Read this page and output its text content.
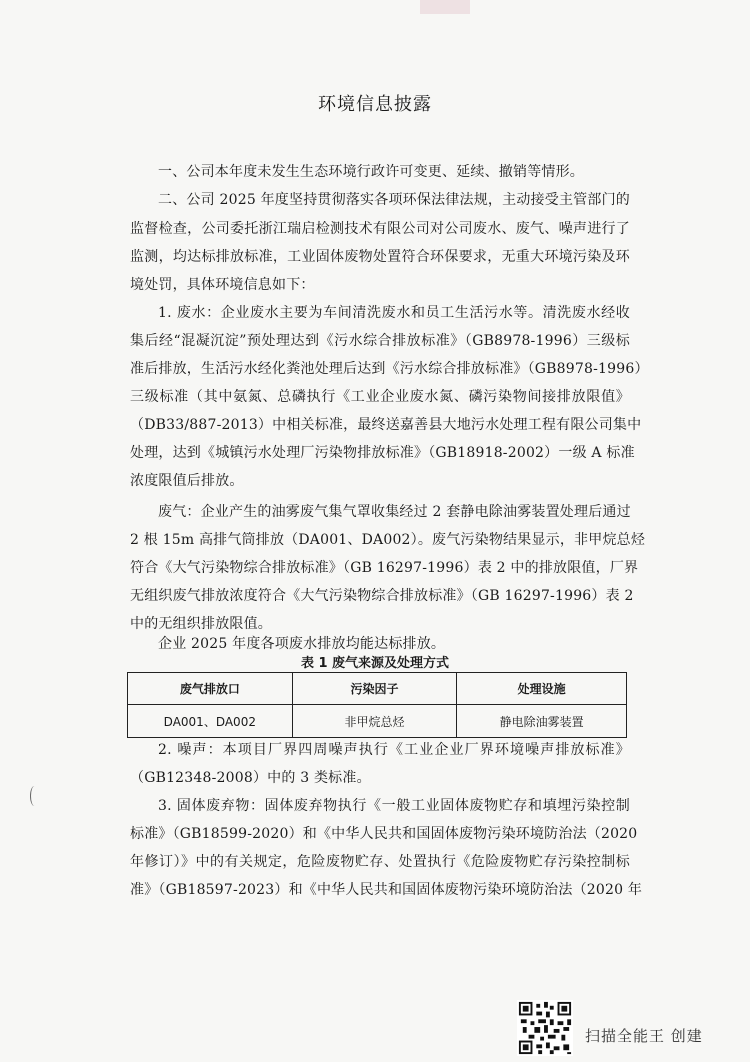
环境信息披露
一、公司本年度未发生生态环境行政许可变更、延续、撤销等情形。
二、公司 2025 年度坚持贯彻落实各项环保法律法规，主动接受主管部门的
监督检查，公司委托浙江瑞启检测技术有限公司对公司废水、废气、噪声进行了
监测，均达标排放标准，工业固体废物处置符合环保要求，无重大环境污染及环
境处罚，具体环境信息如下：
1. 废水：企业废水主要为车间清洗废水和员工生活污水等。清洗废水经收
集后经“混凝沉淀”预处理达到《污水综合排放标准》（GB8978-1996）三级标
准后排放，生活污水经化粪池处理后达到《污水综合排放标准》（GB8978-1996）
三级标准（其中氨氮、总磷执行《工业企业废水氮、磷污染物间接排放限值》
（DB33/887-2013）中相关标准，最终送嘉善县大地污水处理工程有限公司集中
处理，达到《城镇污水处理厂污染物排放标准》（GB18918-2002）一级 A 标准
浓度限值后排放。
废气：企业产生的油雾废气集气罩收集经过 2 套静电除油雾装置处理后通过
2 根 15m 高排气筒排放（DA001、DA002）。废气污染物结果显示，非甲烷总烃
符合《大气污染物综合排放标准》（GB 16297-1996）表 2 中的排放限值，厂界
无组织废气排放浓度符合《大气污染物综合排放标准》（GB 16297-1996）表 2
中的无组织排放限值。
企业 2025 年度各项废水排放均能达标排放。
表 1 废气来源及处理方式
废气排放口	污染因子	处理设施
DA001、DA002	非甲烷总烃	静电除油雾装置
2. 噪声：本项目厂界四周噪声执行《工业企业厂界环境噪声排放标准》
（GB12348-2008）中的 3 类标准。
3. 固体废弃物：固体废弃物执行《一般工业固体废物贮存和填埋污染控制
标准》（GB18599-2020）和《中华人民共和国固体废物污染环境防治法（2020
年修订）》中的有关规定，危险废物贮存、处置执行《危险废物贮存污染控制标
准》（GB18597-2023）和《中华人民共和国固体废物污染环境防治法（2020 年
扫描全能王 创建
